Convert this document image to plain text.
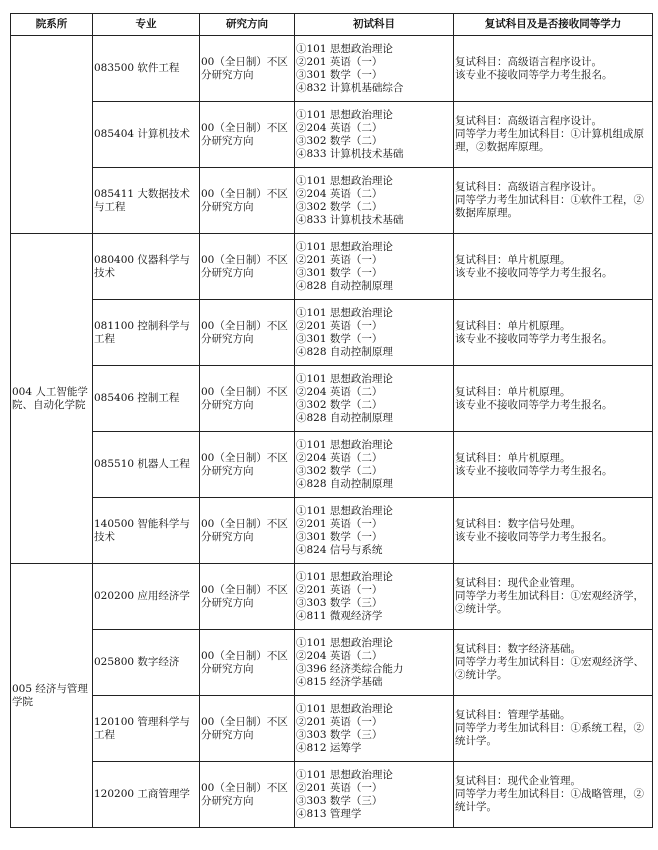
院系所	专业	研究方向	初试科目	复试科目及是否接收同等学力
	083500 软件工程	00（全日制）不区分研究方向	①101 思想政治理论
②201 英语（一）
③301 数学（一）
④832 计算机基础综合	复试科目：高级语言程序设计。
该专业不接收同等学力考生报名。

	085404 计算机技术	00（全日制）不区分研究方向	①101 思想政治理论
②204 英语（二）
③302 数学（二）
④833 计算机技术基础	复试科目：高级语言程序设计。
同等学力考生加试科目：①计算机组成原理，②数据库原理。

	085411 大数据技术与工程	00（全日制）不区分研究方向	①101 思想政治理论
②204 英语（二）
③302 数学（二）
④833 计算机技术基础	复试科目：高级语言程序设计。
同等学力考生加试科目：①软件工程，②数据库原理。

004 人工智能学院、自动化学院	080400 仪器科学与技术	00（全日制）不区分研究方向	①101 思想政治理论
②201 英语（一）
③301 数学（一）
④828 自动控制原理	复试科目：单片机原理。
该专业不接收同等学力考生报名。

	081100 控制科学与工程	00（全日制）不区分研究方向	①101 思想政治理论
②201 英语（一）
③301 数学（一）
④828 自动控制原理	复试科目：单片机原理。
该专业不接收同等学力考生报名。

	085406 控制工程	00（全日制）不区分研究方向	①101 思想政治理论
②204 英语（二）
③302 数学（二）
④828 自动控制原理	复试科目：单片机原理。
该专业不接收同等学力考生报名。

	085510 机器人工程	00（全日制）不区分研究方向	①101 思想政治理论
②204 英语（二）
③302 数学（二）
④828 自动控制原理	复试科目：单片机原理。
该专业不接收同等学力考生报名。

	140500 智能科学与技术	00（全日制）不区分研究方向	①101 思想政治理论
②201 英语（一）
③301 数学（一）
④824 信号与系统	复试科目：数字信号处理。
该专业不接收同等学力考生报名。

005 经济与管理学院	020200 应用经济学	00（全日制）不区分研究方向	①101 思想政治理论
②201 英语（一）
③303 数学（三）
④811 微观经济学	复试科目：现代企业管理。
同等学力考生加试科目：①宏观经济学，②统计学。

	025800 数字经济	00（全日制）不区分研究方向	①101 思想政治理论
②204 英语（二）
③396 经济类综合能力
④815 经济学基础	复试科目：数字经济基础。
同等学力考生加试科目：①宏观经济学、②统计学。

	120100 管理科学与工程	00（全日制）不区分研究方向	①101 思想政治理论
②201 英语（一）
③303 数学（三）
④812 运筹学	复试科目：管理学基础。
同等学力考生加试科目：①系统工程，②统计学。

	120200 工商管理学	00（全日制）不区分研究方向	①101 思想政治理论
②201 英语（一）
③303 数学（三）
④813 管理学	复试科目：现代企业管理。
同等学力考生加试科目：①战略管理，②统计学。
